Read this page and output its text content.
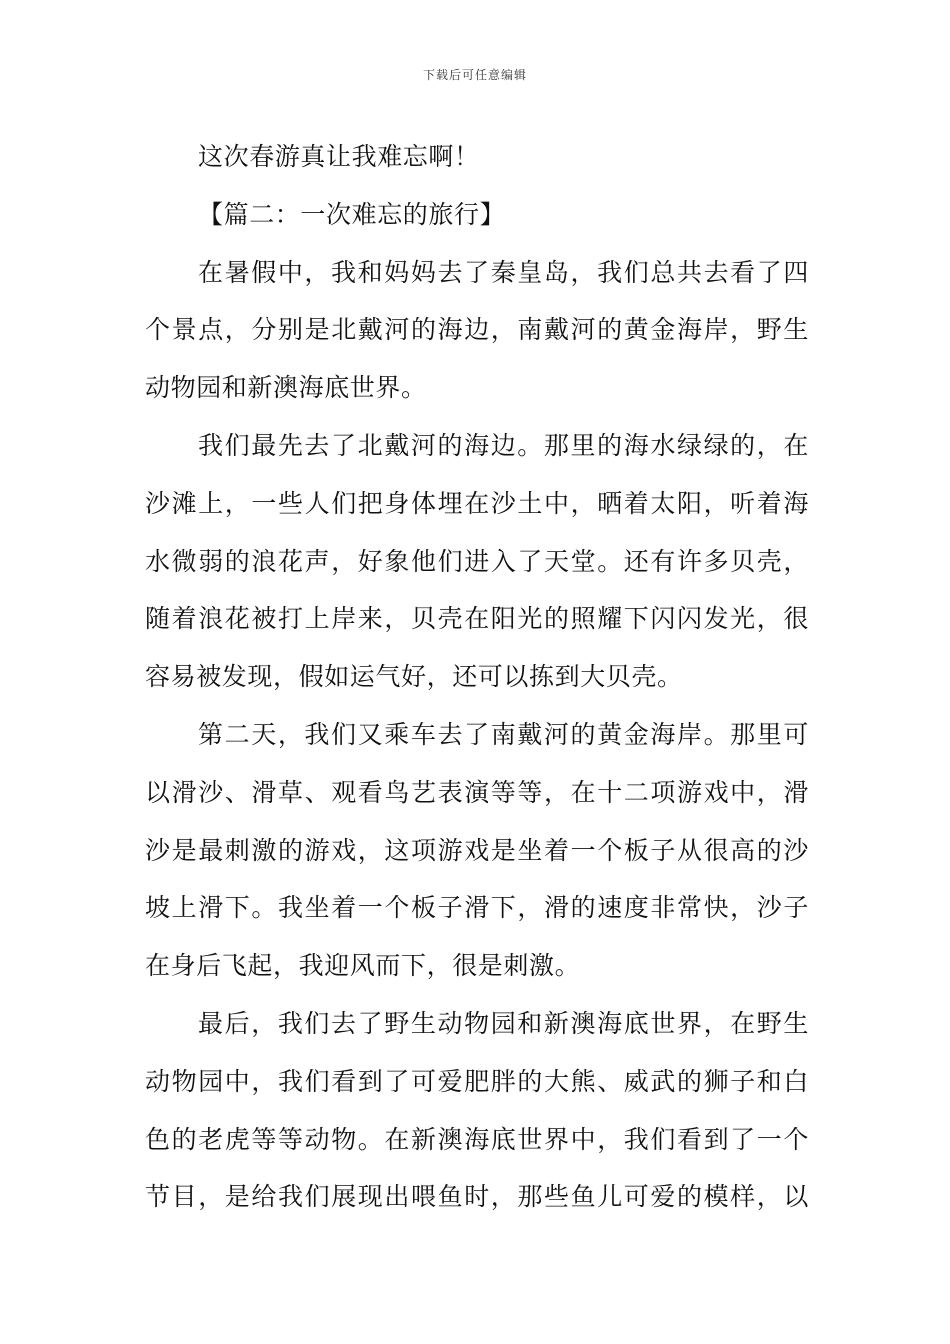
下载后可任意编辑
这次春游真让我难忘啊！
【篇二：一次难忘的旅行】
在暑假中，我和妈妈去了秦皇岛，我们总共去看了四
个景点，分别是北戴河的海边，南戴河的黄金海岸，野生
动物园和新澳海底世界。
我们最先去了北戴河的海边。那里的海水绿绿的，在
沙滩上，一些人们把身体埋在沙土中，晒着太阳，听着海
水微弱的浪花声，好象他们进入了天堂。还有许多贝壳，
随着浪花被打上岸来，贝壳在阳光的照耀下闪闪发光，很
容易被发现，假如运气好，还可以拣到大贝壳。
第二天，我们又乘车去了南戴河的黄金海岸。那里可
以滑沙、滑草、观看鸟艺表演等等，在十二项游戏中，滑
沙是最刺激的游戏，这项游戏是坐着一个板子从很高的沙
坡上滑下。我坐着一个板子滑下，滑的速度非常快，沙子
在身后飞起，我迎风而下，很是刺激。
最后，我们去了野生动物园和新澳海底世界，在野生
动物园中，我们看到了可爱肥胖的大熊、威武的狮子和白
色的老虎等等动物。在新澳海底世界中，我们看到了一个
节目，是给我们展现出喂鱼时，那些鱼儿可爱的模样，以
